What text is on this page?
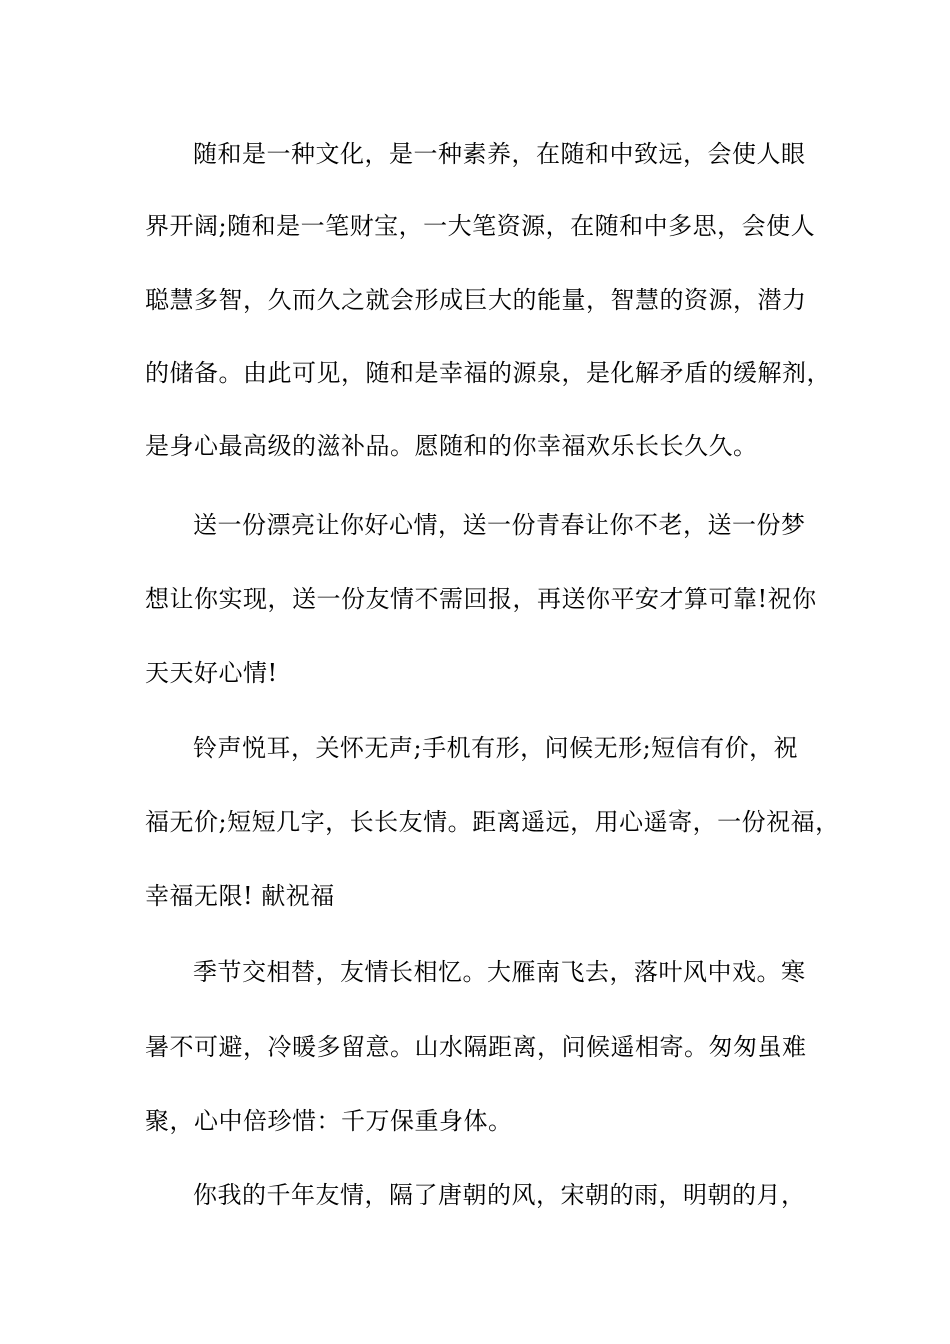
随和是一种文化，是一种素养，在随和中致远，会使人眼
界开阔;随和是一笔财宝，一大笔资源，在随和中多思，会使人
聪慧多智，久而久之就会形成巨大的能量，智慧的资源，潜力
的储备。由此可见，随和是幸福的源泉，是化解矛盾的缓解剂，
是身心最高级的滋补品。愿随和的你幸福欢乐长长久久。
送一份漂亮让你好心情，送一份青春让你不老，送一份梦
想让你实现，送一份友情不需回报，再送你平安才算可靠!祝你
天天好心情!
铃声悦耳，关怀无声;手机有形，问候无形;短信有价，祝
福无价;短短几字，长长友情。距离遥远，用心遥寄，一份祝福，
幸福无限! 献祝福
季节交相替，友情长相忆。大雁南飞去，落叶风中戏。寒
暑不可避，冷暖多留意。山水隔距离，问候遥相寄。匆匆虽难
聚，心中倍珍惜：千万保重身体。
你我的千年友情，隔了唐朝的风，宋朝的雨，明朝的月，
